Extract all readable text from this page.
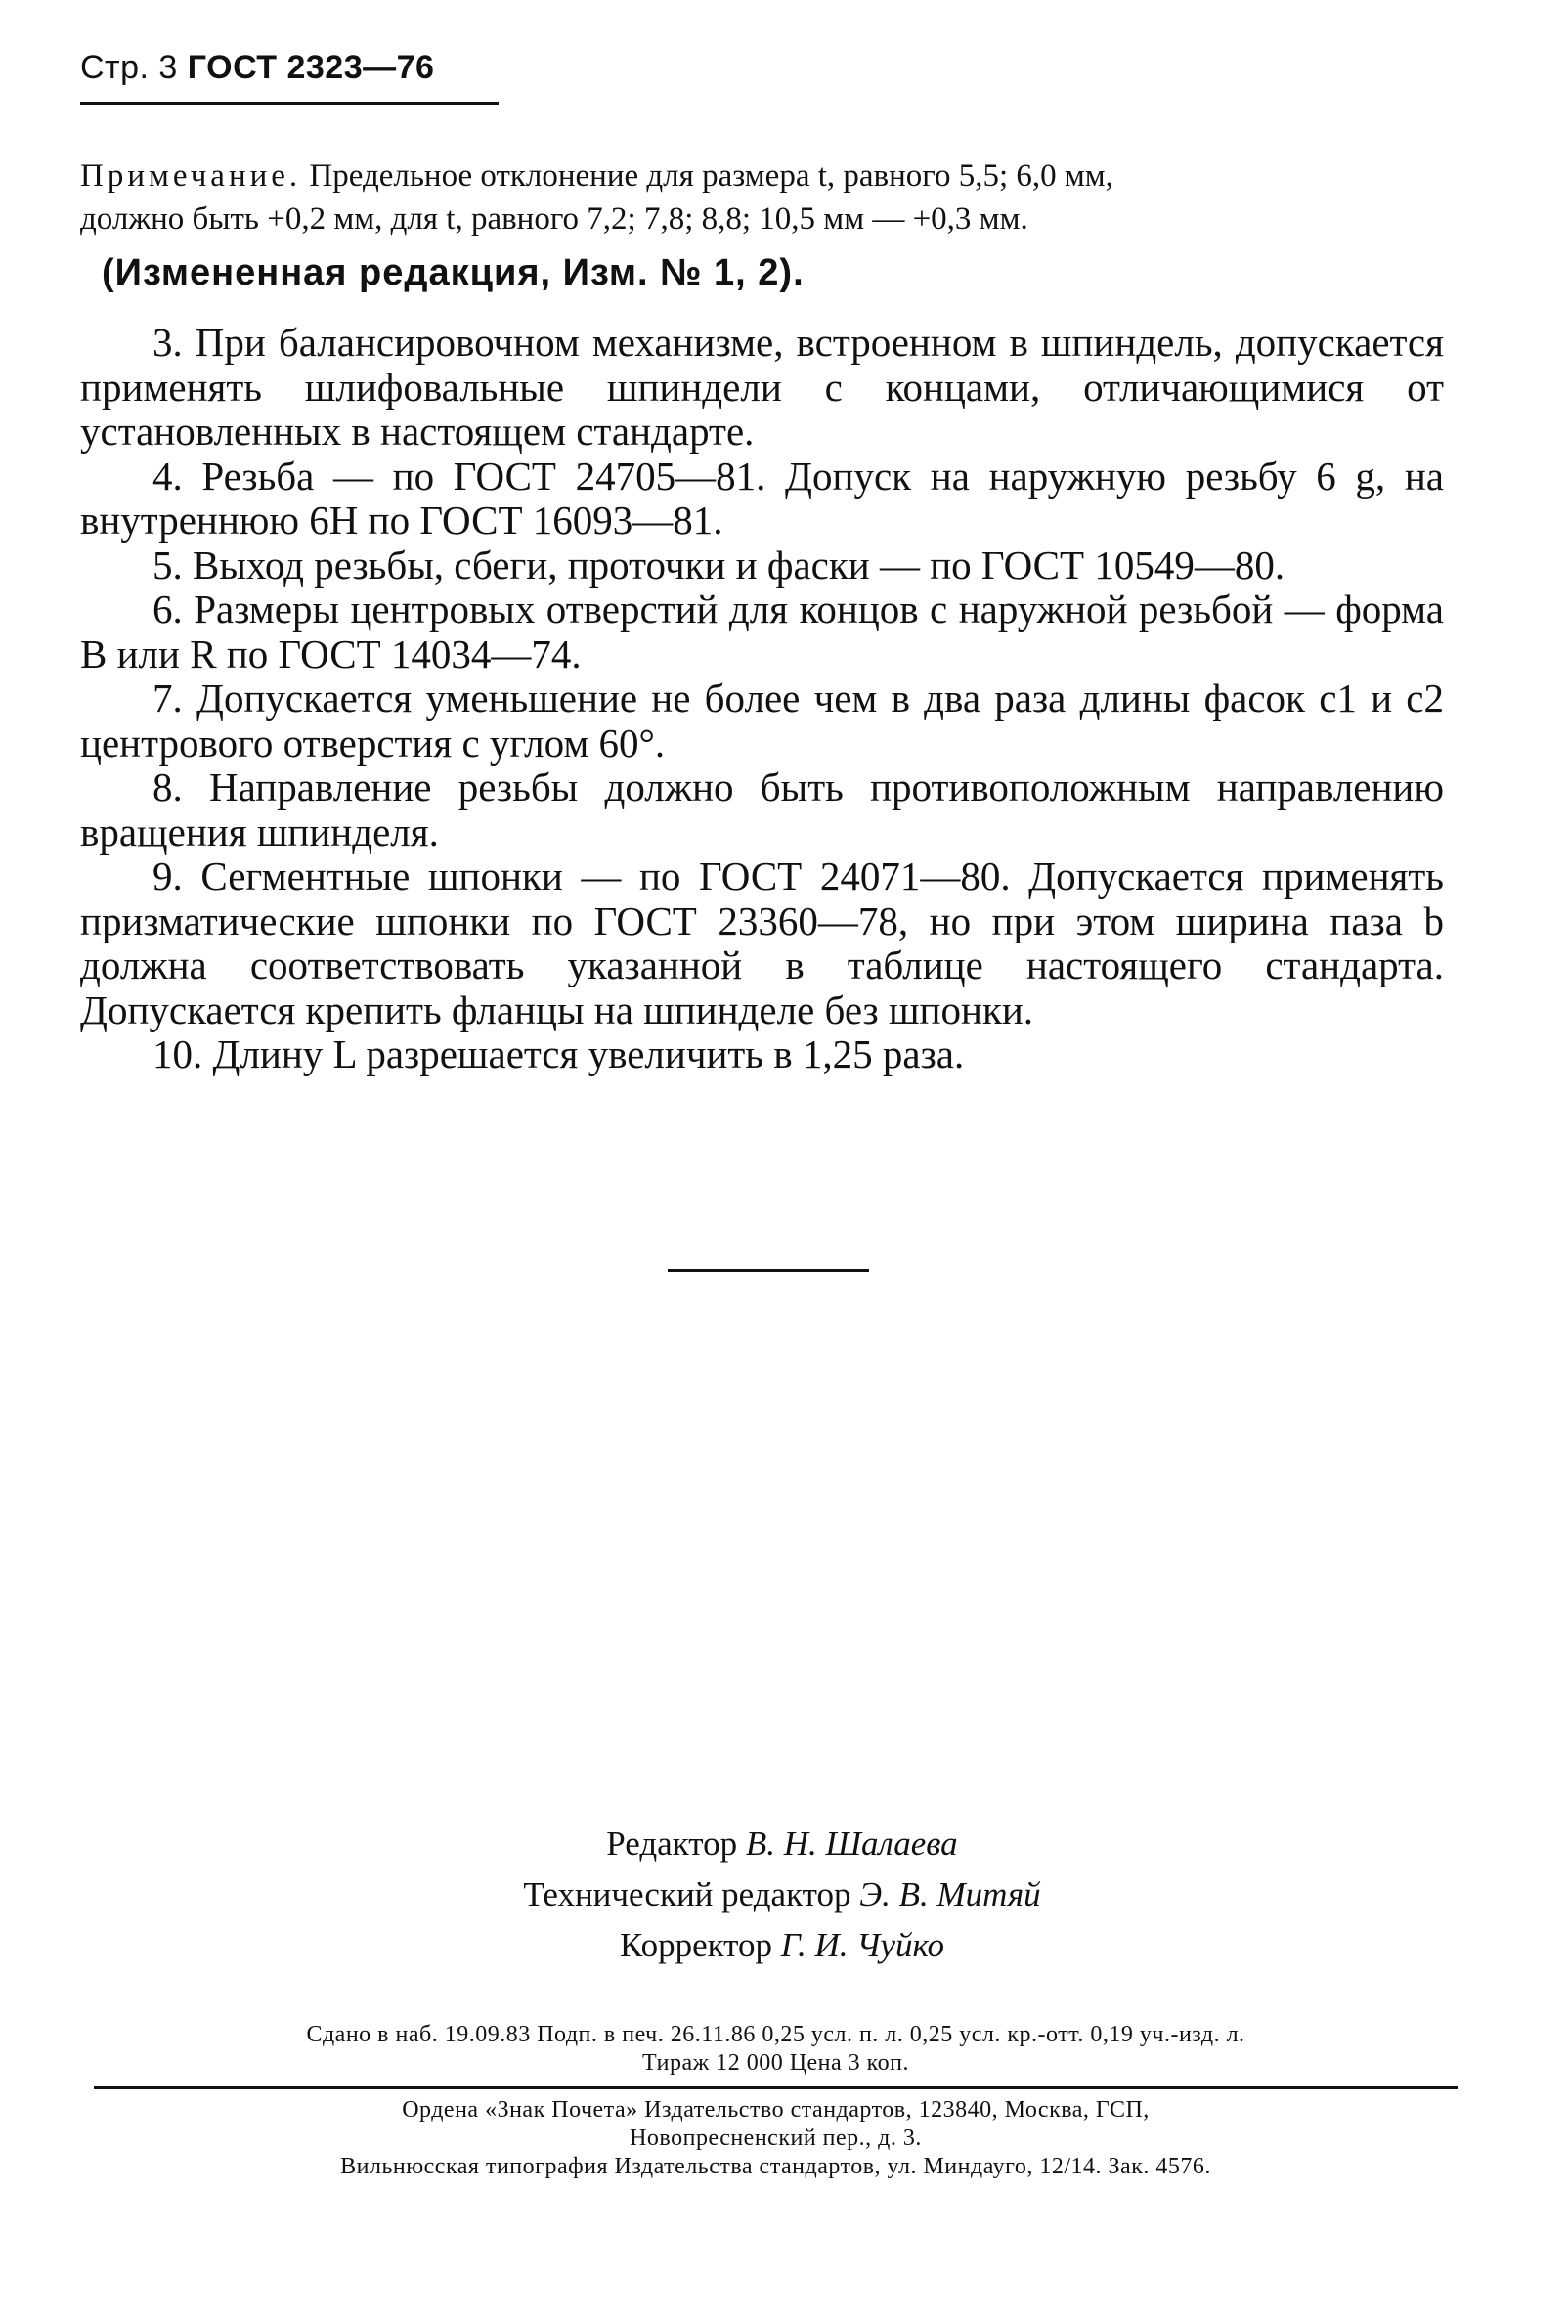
Стр. 3 ГОСТ 2323—76
Примечание. Предельное отклонение для размера t, равного 5,5; 6,0 мм,
должно быть +0,2 мм, для t, равного 7,2; 7,8; 8,8; 10,5 мм — +0,3 мм.
(Измененная редакция, Изм. № 1, 2).

3. При балансировочном механизме, встроенном в шпиндель, допускается применять шлифовальные шпиндели с концами, отличающимися от установленных в настоящем стандарте.

4. Резьба — по ГОСТ 24705—81. Допуск на наружную резьбу 6 g, на внутреннюю 6H по ГОСТ 16093—81.

5. Выход резьбы, сбеги, проточки и фаски — по ГОСТ 10549—80.

6. Размеры центровых отверстий для концов с наружной резьбой — форма B или R по ГОСТ 14034—74.

7. Допускается уменьшение не более чем в два раза длины фасок c1 и c2 центрового отверстия с углом 60°.

8. Направление резьбы должно быть противоположным направлению вращения шпинделя.

9. Сегментные шпонки — по ГОСТ 24071—80. Допускается применять призматические шпонки по ГОСТ 23360—78, но при этом ширина паза b должна соответствовать указанной в таблице настоящего стандарта. Допускается крепить фланцы на шпинделе без шпонки.

10. Длину L разрешается увеличить в 1,25 раза.

Редактор В. Н. Шалаева
Технический редактор Э. В. Митяй
Корректор Г. И. Чуйко
Сдано в наб. 19.09.83 Подп. в печ. 26.11.86 0,25 усл. п. л. 0,25 усл. кр.-отт. 0,19 уч.-изд. л.
Тираж 12 000 Цена 3 коп.
Ордена «Знак Почета» Издательство стандартов, 123840, Москва, ГСП,
Новопресненский пер., д. 3.
Вильнюсская типография Издательства стандартов, ул. Миндауго, 12/14. Зак. 4576.
